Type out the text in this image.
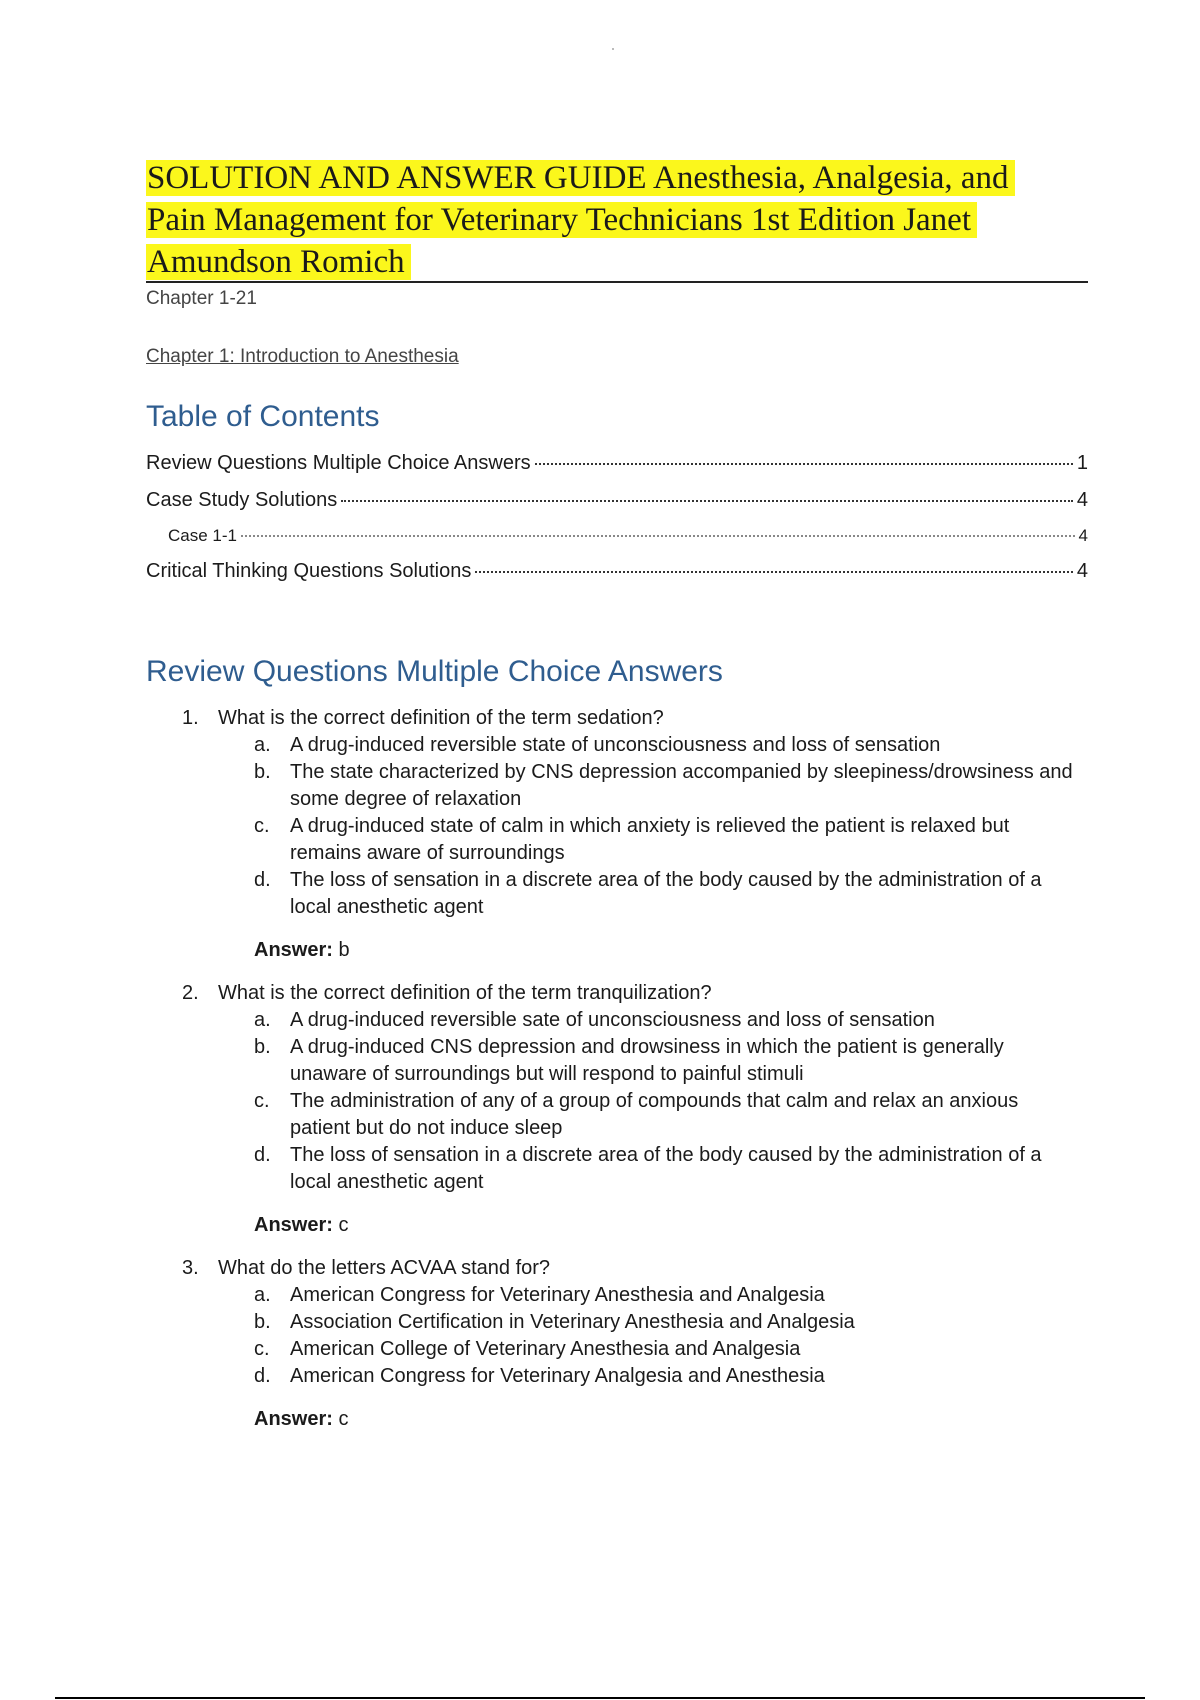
SOLUTION AND ANSWER GUIDE Anesthesia, Analgesia, and
Pain Management for Veterinary Technicians 1st Edition Janet
Amundson Romich
Chapter 1-21
Chapter 1: Introduction to Anesthesia
Table of Contents
Review Questions Multiple Choice Answers	1
Case Study Solutions	4
Case 1-1	4
Critical Thinking Questions Solutions	4
Review Questions Multiple Choice Answers
1. What is the correct definition of the term sedation?
a. A drug-induced reversible state of unconsciousness and loss of sensation
b. The state characterized by CNS depression accompanied by sleepiness/drowsiness and some degree of relaxation
c.	A drug-induced state of calm in which anxiety is relieved the patient is relaxed but remains aware of surroundings
d. The loss of sensation in a discrete area of the body caused by the administration of a local anesthetic agent
Answer: b
2. What is the correct definition of the term tranquilization?
a. A drug-induced reversible sate of unconsciousness and loss of sensation
b. A drug-induced CNS depression and drowsiness in which the patient is generally unaware of surroundings but will respond to painful stimuli
c.	The administration of any of a group of compounds that calm and relax an anxious patient but do not induce sleep
d. The loss of sensation in a discrete area of the body caused by the administration of a local anesthetic agent
Answer: c
3. What do the letters ACVAA stand for?
a. American Congress for Veterinary Anesthesia and Analgesia
b. Association Certification in Veterinary Anesthesia and Analgesia
c.	American College of Veterinary Anesthesia and Analgesia
d. American Congress for Veterinary Analgesia and Anesthesia
Answer: c
